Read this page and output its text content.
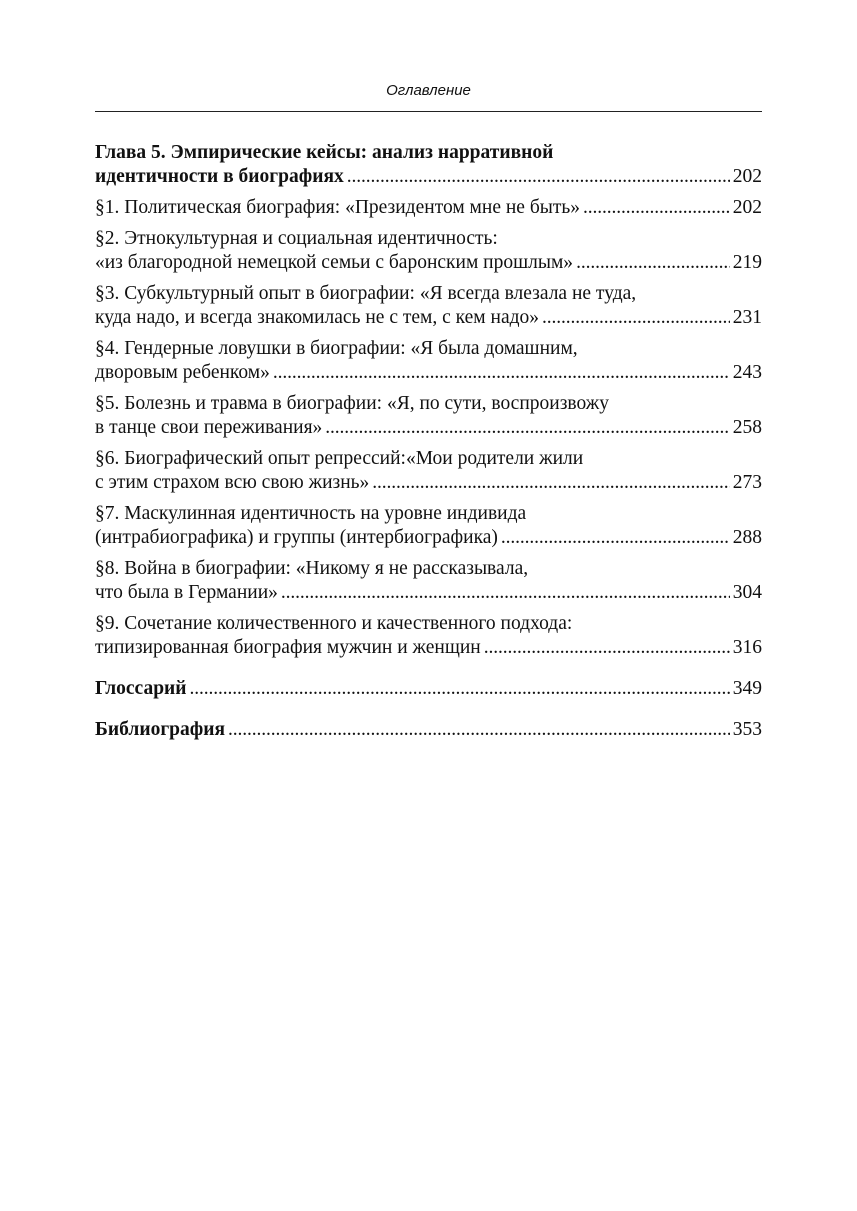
Оглавление
Глава 5. Эмпирические кейсы: анализ нарративной
идентичности в биографиях . . .	202
§1. Политическая биография: «Президентом мне не быть» . . .	202
§2. Этнокультурная и социальная идентичность:
«из благородной немецкой семьи с баронским прошлым» . . .	219
§3. Субкультурный опыт в биографии: «Я всегда влезала не туда,
куда надо, и всегда знакомилась не с тем, с кем надо» . . .	231
§4. Гендерные ловушки в биографии: «Я была домашним,
дворовым ребенком» . . .	243
§5. Болезнь и травма в биографии: «Я, по сути, воспроизвожу
в танце свои переживания» . . .	258
§6. Биографический опыт репрессий:«Мои родители жили
с этим страхом всю свою жизнь» . . .	273
§7. Маскулинная идентичность на уровне индивида
(интрабиографика) и группы (интербиографика) . . .	288
§8. Война в биографии: «Никому я не рассказывала,
что была в Германии» . . .	304
§9. Сочетание количественного и качественного подхода:
типизированная биография мужчин и женщин . . .	316
Глоссарий . . .	349
Библиография . . .	353
